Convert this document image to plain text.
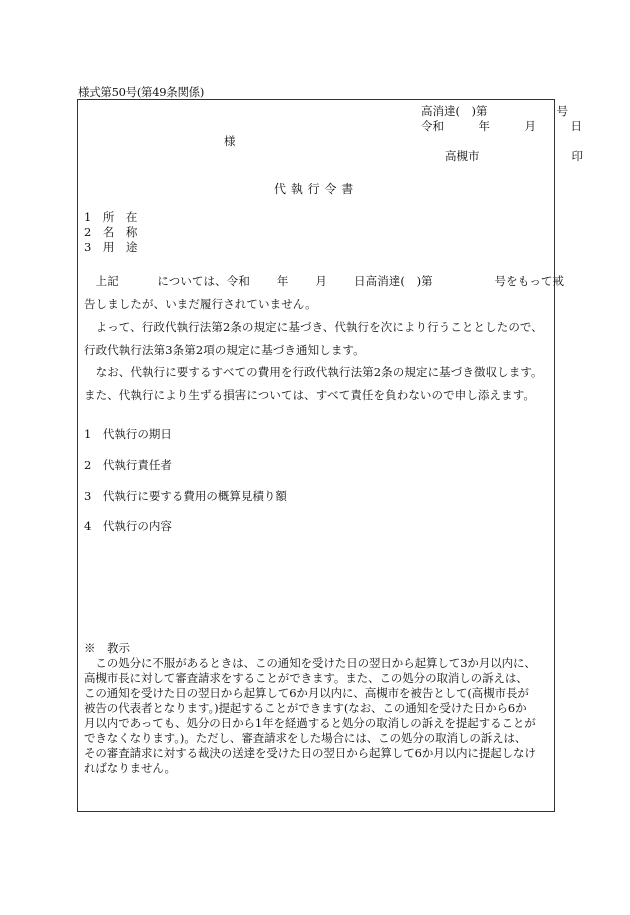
様式第50号(第49条関係)
高消達(　)第　　　　　　号
令和　　　年　　　月　　　日
様
高槻市　　　　　　　　印
代 執 行 令 書
1　 所　在
2　 名　称
3　 用　途
　上記　　　 については、令和　　 年　　 月　　 日高消達(　)第　　　　　 号をもって戒
告しましたが、いまだ履行されていません。
　よって、行政代執行法第2条の規定に基づき、代執行を次により行うこととしたので、
行政代執行法第3条第2項の規定に基づき通知します。
　なお、代執行に要するすべての費用を行政代執行法第2条の規定に基づき徴収します。
また、代執行により生ずる損害については、すべて責任を負わないので申し添えます。
1　 代執行の期日
2　 代執行責任者
3　 代執行に要する費用の概算見積り額
4　 代執行の内容
※　教示
　この処分に不服があるときは、この通知を受けた日の翌日から起算して3か月以内に、
高槻市長に対して審査請求をすることができます。また、この処分の取消しの訴えは、
この通知を受けた日の翌日から起算して6か月以内に、高槻市を被告として(高槻市長が
被告の代表者となります。)提起することができます(なお、この通知を受けた日から6か
月以内であっても、処分の日から1年を経過すると処分の取消しの訴えを提起することが
できなくなります。)。ただし、審査請求をした場合には、この処分の取消しの訴えは、
その審査請求に対する裁決の送達を受けた日の翌日から起算して6か月以内に提起しなけ
ればなりません。
